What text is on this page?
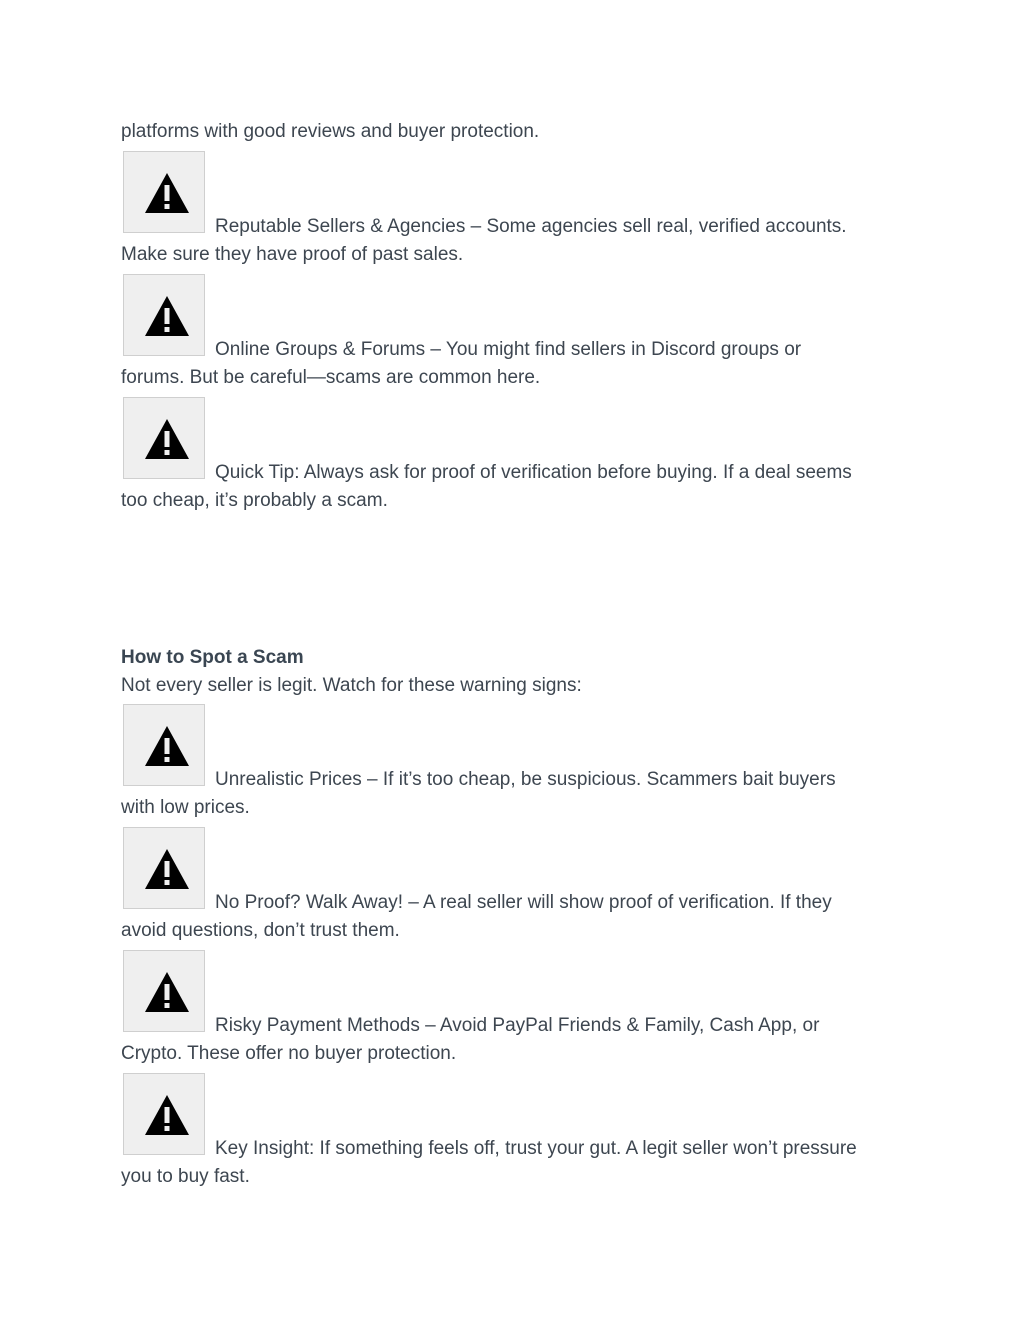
platforms with good reviews and buyer protection.
Reputable Sellers & Agencies – Some agencies sell real, verified accounts.
Make sure they have proof of past sales.
Online Groups & Forums – You might find sellers in Discord groups or
forums. But be careful—scams are common here.
Quick Tip: Always ask for proof of verification before buying. If a deal seems
too cheap, it’s probably a scam.
How to Spot a Scam
Not every seller is legit. Watch for these warning signs:
Unrealistic Prices – If it’s too cheap, be suspicious. Scammers bait buyers
with low prices.
No Proof? Walk Away! – A real seller will show proof of verification. If they
avoid questions, don’t trust them.
Risky Payment Methods – Avoid PayPal Friends & Family, Cash App, or
Crypto. These offer no buyer protection.
Key Insight: If something feels off, trust your gut. A legit seller won’t pressure
you to buy fast.
